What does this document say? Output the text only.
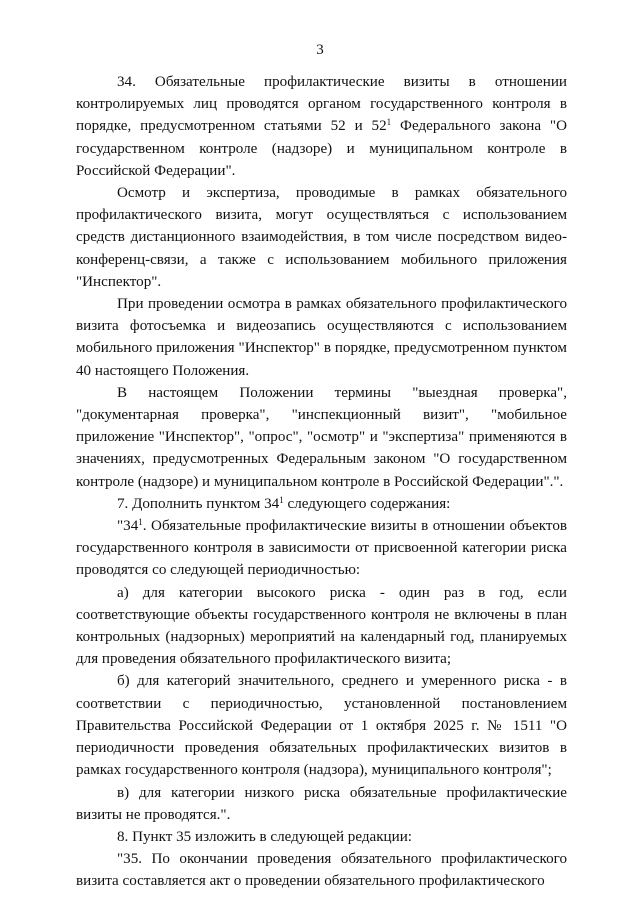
3

34. Обязательные профилактические визиты в отношении контролируемых лиц проводятся органом государственного контроля в порядке, предусмотренном статьями 52 и $52^1$ Федерального закона "О государственном контроле (надзоре) и муниципальном контроле в Российской Федерации".

Осмотр и экспертиза, проводимые в рамках обязательного профилактического визита, могут осуществляться с использованием средств дистанционного взаимодействия, в том числе посредством видео-конференц-связи, а также с использованием мобильного приложения "Инспектор".

При проведении осмотра в рамках обязательного профилактического визита фотосъемка и видеозапись осуществляются с использованием мобильного приложения "Инспектор" в порядке, предусмотренном пунктом 40 настоящего Положения.

В настоящем Положении термины "выездная проверка", "документарная проверка", "инспекционный визит", "мобильное приложение "Инспектор", "опрос", "осмотр" и "экспертиза" применяются в значениях, предусмотренных Федеральным законом "О государственном контроле (надзоре) и муниципальном контроле в Российской Федерации".".

7. Дополнить пунктом $34^1$ следующего содержания:

"$34^1$. Обязательные профилактические визиты в отношении объектов государственного контроля в зависимости от присвоенной категории риска проводятся со следующей периодичностью:

а) для категории высокого риска - один раз в год, если соответствующие объекты государственного контроля не включены в план контрольных (надзорных) мероприятий на календарный год, планируемых для проведения обязательного профилактического визита;

б) для категорий значительного, среднего и умеренного риска - в соответствии с периодичностью, установленной постановлением Правительства Российской Федерации от 1 октября 2025 г. № 1511 "О периодичности проведения обязательных профилактических визитов в рамках государственного контроля (надзора), муниципального контроля";

в) для категории низкого риска обязательные профилактические визиты не проводятся.".

8. Пункт 35 изложить в следующей редакции:

"35. По окончании проведения обязательного профилактического визита составляется акт о проведении обязательного профилактического
